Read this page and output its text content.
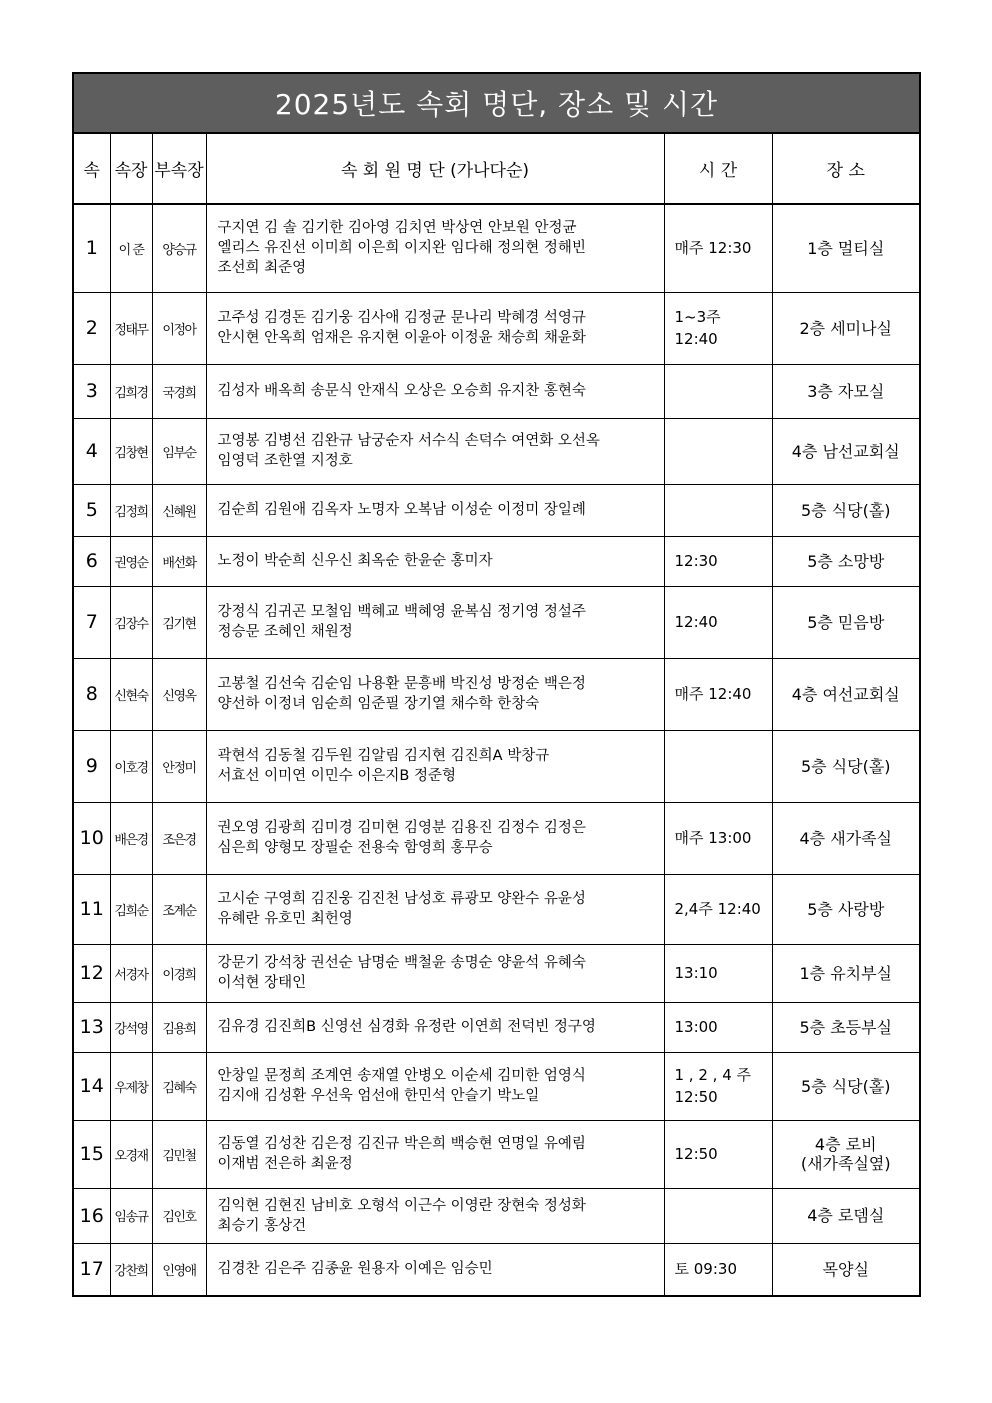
2025년도 속회 명단, 장소 및 시간
속	속장	부속장	속 회 원 명 단 (가나다순)	시 간	장 소
1	이 준	양승규	구지연 김 솔 김기한 김아영 김치연 박상연 안보원 안정균
엘리스 유진선 이미희 이은희 이지완 임다해 정의현 정해빈
조선희 최준영	매주 12:30	1층 멀티실

2	정태무	이정아	고주성 김경돈 김기웅 김사애 김정균 문나리 박혜경 석영규
안시현 안옥희 엄재은 유지현 이윤아 이정윤 채승희 채윤화	1~3주 12:40	2층 세미나실

3	김희경	국경희	김성자 배옥희 송문식 안재식 오상은 오승희 유지찬 홍현숙		3층 자모실

4	김창현	임부순	고영봉 김병선 김완규 남궁순자 서수식 손덕수 여연화 오선옥
임영덕 조한열 지정호		4층 남선교회실

5	김정희	신혜원	김순희 김원애 김옥자 노명자 오복남 이성순 이정미 장일례		5층 식당(홀)

6	권영순	배선화	노정이 박순희 신우신 최옥순 한윤순 홍미자	12:30	5층 소망방

7	김장수	김기현	강정식 김귀곤 모철임 백혜교 백혜영 윤복심 정기영 정설주
정승문 조혜인 채원정	12:40	5층 믿음방

8	신현숙	신영옥	고봉철 김선숙 김순임 나용환 문흥배 박진성 방정순 백은정
양선하 이정녀 임순희 임준필 장기열 채수학 한창숙	매주 12:40	4층 여선교회실

9	이호경	안정미	곽현석 김동철 김두원 김알림 김지현 김진희A 박창규
서효선 이미연 이민수 이은지B 정준형		5층 식당(홀)

10	배은경	조은경	권오영 김광희 김미경 김미현 김영분 김용진 김정수 김정은
심은희 양형모 장필순 전용숙 함영희 홍무승	매주 13:00	4층 새가족실

11	김희순	조계순	고시순 구영희 김진웅 김진천 남성호 류광모 양완수 유윤성
유혜란 유호민 최헌영	2,4주 12:40	5층 사랑방

12	서경자	이경희	강문기 강석창 권선순 남명순 백철윤 송명순 양윤석 유혜숙
이석현 장태인	13:10	1층 유치부실

13	강석영	김용희	김유경 김진희B 신영선 심경화 유정란 이연희 전덕빈 정구영	13:00	5층 초등부실

14	우제창	김혜숙	안창일 문정희 조계연 송재열 안병오 이순세 김미한 엄영식
김지애 김성환 우선욱 엄선애 한민석 안슬기 박노일	1 , 2 , 4 주12:50	5층 식당(홀)

15	오경재	김민철	김동열 김성찬 김은정 김진규 박은희 백승현 연명일 유예림
이재범 전은하 최윤정	12:50	4층 로비
(새가족실옆)

16	임송규	김인호	김익현 김현진 남비호 오형석 이근수 이영란 장현숙 정성화
최승기 홍상건		4층 로뎀실

17	강찬희	인영애	김경찬 김은주 김종윤 원용자 이예은 임승민	토 09:30	목양실
